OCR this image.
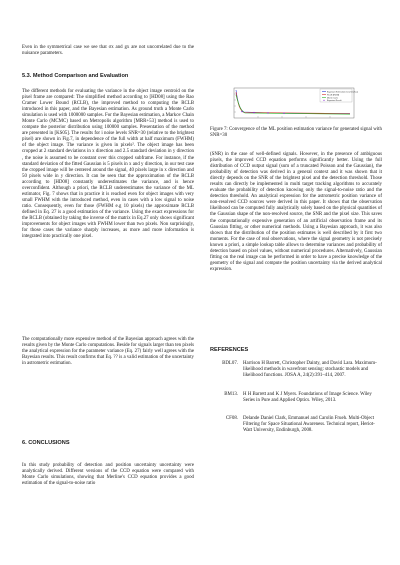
Even in the symmetrical case we see that σx and gx are not uncorrelated due to the nuisance parameters.

5.3. Method Comparison and Evaluation

The different methods for evaluating the variance in the object image centroid on the pixel frame are compared: The simplified method according to [HD08] using the Rao Cramer Lower Bound (RCLB), the improved method to computing the RCLB introduced in this paper, and the Bayesian estimation. As ground truth a Monte Carlo simulation is used with 1000000 samples. For the Bayesian estimation, a Markov Chain Monte Carlo (MCMC) based on Metropolis algorithm [MRR+53] method is used to compute the posterior distribution using 100000 samples. Presentation of the method are presented in [KS05]. The results for i noise levels SNR=30 (relative to the brightest pixel) are shown in Fig.7, in dependence of the full width at half maximum (FWHM) of the object image. The variance is given in pixels². The object image has been cropped at 2 standard deviations in x direction and 2.5 standard deviation in y direction , the noise is assumed to be constant over this cropped subframe. For instance, if the standard deviation of the fitted Gaussian is 5 pixels in x and y direction, in our test case the cropped image will be centered around the signal, 40 pixels large in x direction and 50 pixels wide in y direction. It can be seen that the approximation of the RCLB according to [HD08] constantly underestimates the variance, and is hence overconfident. Although a priori, the RCLB underestimates the variance of the ML estimator, Fig. 7 shows that in practice it is reached even for object images with very small FWHM with the introduced method, even in cases with a low signal to noise ratio. Consequently, even for those (FWHM e.g 10 pixels) the approximate RCLB defined in Eq. 27 is a good estimation of the variance. Using the exact expressions for the RCLB (obtained by taking the inverse of the matrix in Eq.27 only shows significant improvements for object images with FWHM lower than two pixels. Non surprisingly, for those cases the variance sharply increases, as more and more information is integrated into practically one pixel.

The computationally more expensive method of the Bayesian approach agrees with the results given by the Monte Carlo computations. Beside for signals larger than ten pixels the analytical expression for the parameter variance (Eq. 27) fairly well agrees with the Bayesian results. This result confirms that Eq. ?? is a valid estimation of the uncertainty in astrometric estimation.

6. CONCLUSIONS

In this study probability of detection and position uncertainty uncertainty were analytically derived. Different versions of the CCD equation were compared with Monte Carlo simulations, showing that Merline's CCD equation provides a good estimation of the signal-to-noise ratio

Bayesian Estimation (Cramér-Rao)
RCLB [HD08]
Monte Carlo
Bayesian Result
Figure 7: Convergence of the ML position estimation variance for generated signal with SNR=30

(SNR) in the case of well-defined signals. However, in the presence of ambiguous pixels, the improved CCD equation performs significantly better. Using the full distribution of CCD output signal (sum of a truncated Poisson and the Gaussian), the probability of detection was derived in a general context and it was shown that it directly depends on the SNR of the brightest pixel and the detection threshold. Those results can directly be implemented in multi target tracking algorithms to accurately evaluate the probability of detection knowing only the signal-to-noise ratio and the detection threshold. An analytical expression for the astrometric position variance of non-resolved CCD sources were derived in this paper. It shows that the observation likelihood can be computed fully analytically solely based on the physical quantities of the Gaussian shape of the non-resolved source, the SNR and the pixel size. This saves the computationally expensive generation of an artificial observation frame and its Gaussian fitting, or other numerical methods. Using a Bayesian approach, it was also shown that the distribution of the position estimates is well described by it first two moments. For the case of real observations, where the signal geometry is not precisely known a priori, a simple lookup table allows to determine variances and probability of detection based on pixel values, without numerical procedures. Alternatively, Gaussian fitting on the real image can be performed in order to have a precise knowledge of the geometry of the signal and compute the position uncertainty via the derived analytical expression.

REFERENCES
BDL07. Harrison H Barrett, Christopher Dainty, and David Lara. Maximum-likelihood methods in wavefront sensing: stochastic models and likelihood functions. JOSA A, 24(2):391–414, 2007.
BM13. H H Barrett and K J Myers. Foundations of Image Science. Wiley Series in Pure and Applied Optics. Wiley, 2013.
CF08. Delande Daniel Clark, Emmanuel and Carolin Frueh. Multi-Object Filtering for Space Situational Awareness. Technical report, Heriot-Watt University, Endinburgh, 2008.
